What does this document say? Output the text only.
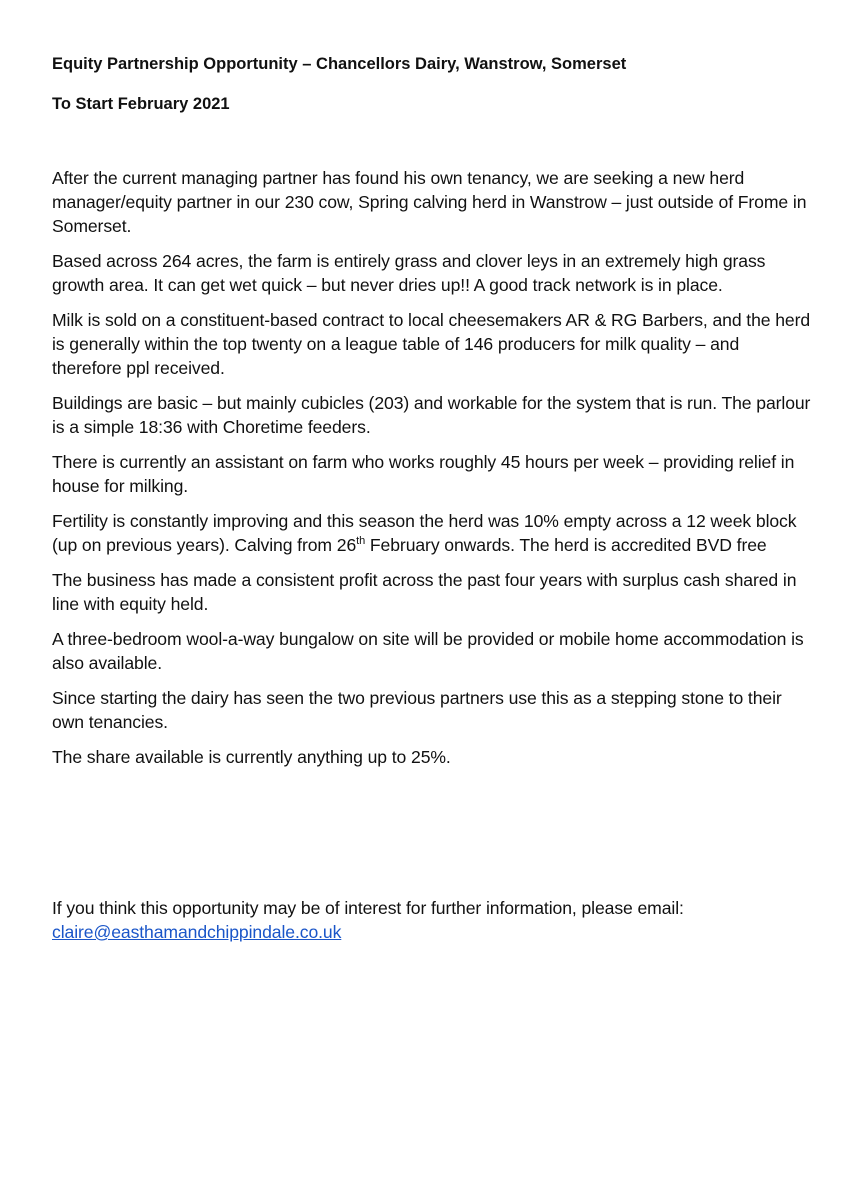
Equity Partnership Opportunity – Chancellors Dairy, Wanstrow, Somerset
To Start February 2021

After the current managing partner has found his own tenancy, we are seeking a new herd manager/equity partner in our 230 cow, Spring calving herd in Wanstrow – just outside of Frome in Somerset.

Based across 264 acres, the farm is entirely grass and clover leys in an extremely high grass growth area. It can get wet quick – but never dries up!! A good track network is in place.

Milk is sold on a constituent-based contract to local cheesemakers AR & RG Barbers, and the herd is generally within the top twenty on a league table of 146 producers for milk quality – and therefore ppl received.

Buildings are basic – but mainly cubicles (203) and workable for the system that is run. The parlour is a simple 18:36 with Choretime feeders.

There is currently an assistant on farm who works roughly 45 hours per week – providing relief in house for milking.

Fertility is constantly improving and this season the herd was 10% empty across a 12 week block (up on previous years). Calving from 26th February onwards. The herd is accredited BVD free

The business has made a consistent profit across the past four years with surplus cash shared in line with equity held.

A three-bedroom wool-a-way bungalow on site will be provided or mobile home accommodation is also available.

Since starting the dairy has seen the two previous partners use this as a stepping stone to their own tenancies.

The share available is currently anything up to 25%.

If you think this opportunity may be of interest for further information, please email:
claire@easthamandchippindale.co.uk
